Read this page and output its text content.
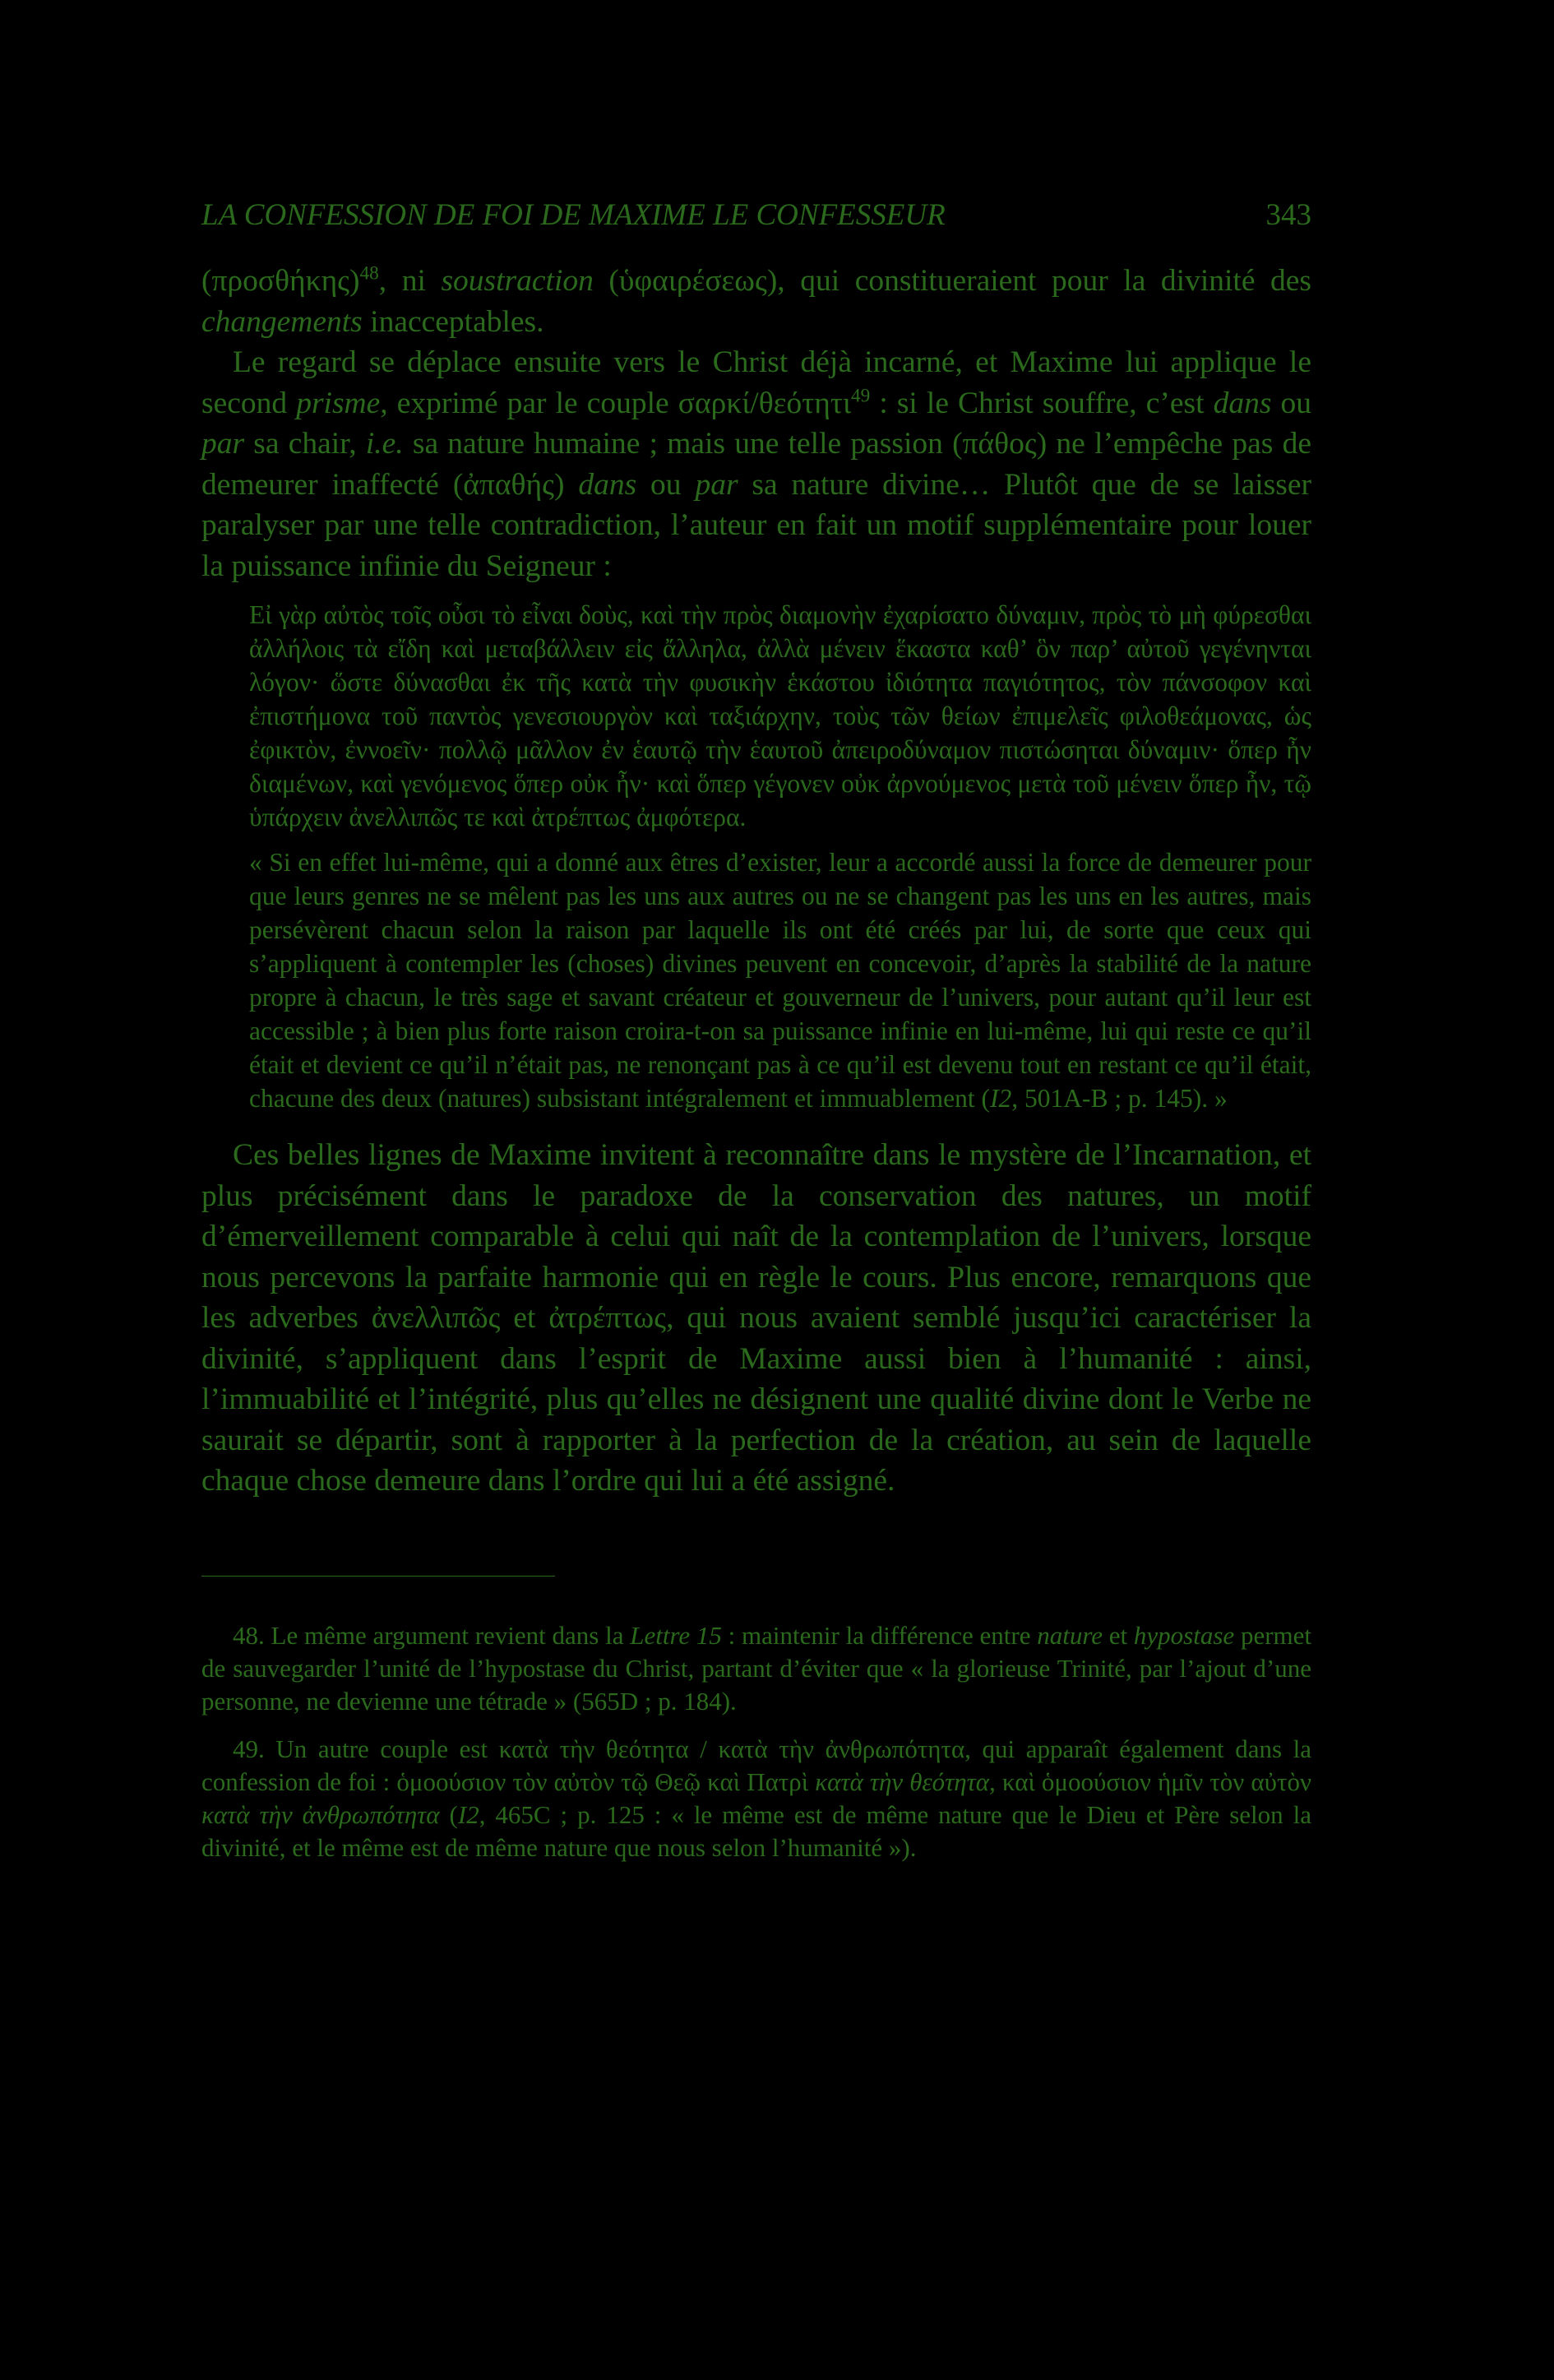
LA CONFESSION DE FOI DE MAXIME LE CONFESSEUR	343

$(\pi\rho o\sigma\theta ή\kappa\eta\varsigma)^{48}$, ni soustraction (ὑφαιρέσεως), qui constitueraient pour la divinité des changements inacceptables.

Le regard se déplace ensuite vers le Christ déjà incarné, et Maxime lui applique le second prisme, exprimé par le couple σαρκί/θεότητι$^{49}$ : si le Christ souffre, c’est dans ou par sa chair, i.e. sa nature humaine ; mais une telle passion (πάθος) ne l’empêche pas de demeurer inaffecté (ἀπαθής) dans ou par sa nature divine… Plutôt que de se laisser paralyser par une telle contradiction, l’auteur en fait un motif supplémentaire pour louer la puissance infinie du Seigneur :

Εἰ γὰρ αὐτὸς τοῖς οὖσι τὸ εἶναι δοὺς, καὶ τὴν πρὸς διαμονὴν ἐχαρίσατο δύναμιν, πρὸς τὸ μὴ φύρεσθαι ἀλλήλοις τὰ εἴδη καὶ μεταβάλλειν εἰς ἄλληλα, ἀλλὰ μένειν ἕκαστα καθ’ ὃν παρ’ αὐτοῦ γεγένηνται λόγον· ὥστε δύνασθαι ἐκ τῆς κατὰ τὴν φυσικὴν ἑκάστου ἰδιότητα παγιότητος, τὸν πάνσοφον καὶ ἐπιστήμονα τοῦ παντὸς γενεσιουργὸν καὶ ταξιάρχην, τοὺς τῶν θείων ἐπιμελεῖς φιλοθεάμονας, ὡς ἐφικτὸν, ἐννοεῖν· πολλῷ μᾶλλον ἐν ἑαυτῷ τὴν ἑαυτοῦ ἀπειροδύναμον πιστώσηται δύναμιν· ὅπερ ἦν διαμένων, καὶ γενόμενος ὅπερ οὐκ ἦν· καὶ ὅπερ γέγονεν οὐκ ἀρνούμενος μετὰ τοῦ μένειν ὅπερ ἦν, τῷ ὑπάρχειν ἀνελλιπῶς τε καὶ ἀτρέπτως ἀμφότερα.

« Si en effet lui-même, qui a donné aux êtres d’exister, leur a accordé aussi la force de demeurer pour que leurs genres ne se mêlent pas les uns aux autres ou ne se changent pas les uns en les autres, mais persévèrent chacun selon la raison par laquelle ils ont été créés par lui, de sorte que ceux qui s’appliquent à contempler les (choses) divines peuvent en concevoir, d’après la stabilité de la nature propre à chacun, le très sage et savant créateur et gouverneur de l’univers, pour autant qu’il leur est accessible ; à bien plus forte raison croira-t-on sa puissance infinie en lui-même, lui qui reste ce qu’il était et devient ce qu’il n’était pas, ne renonçant pas à ce qu’il est devenu tout en restant ce qu’il était, chacune des deux (natures) subsistant intégralement et immuablement (I2, 501A-B ; p. 145). »

Ces belles lignes de Maxime invitent à reconnaître dans le mystère de l’Incarnation, et plus précisément dans le paradoxe de la conservation des natures, un motif d’émerveillement comparable à celui qui naît de la contemplation de l’univers, lorsque nous percevons la parfaite harmonie qui en règle le cours. Plus encore, remarquons que les adverbes ἀνελλιπῶς et ἀτρέπτως, qui nous avaient semblé jusqu’ici caractériser la divinité, s’appliquent dans l’esprit de Maxime aussi bien à l’humanité : ainsi, l’immuabilité et l’intégrité, plus qu’elles ne désignent une qualité divine dont le Verbe ne saurait se départir, sont à rapporter à la perfection de la création, au sein de laquelle chaque chose demeure dans l’ordre qui lui a été assigné.

48. Le même argument revient dans la Lettre 15 : maintenir la différence entre nature et hypostase permet de sauvegarder l’unité de l’hypostase du Christ, partant d’éviter que « la glorieuse Trinité, par l’ajout d’une personne, ne devienne une tétrade » (565D ; p. 184).

49. Un autre couple est κατὰ τὴν θεότητα / κατὰ τὴν ἀνθρωπότητα, qui apparaît également dans la confession de foi : ὁμοούσιον τὸν αὐτὸν τῷ Θεῷ καὶ Πατρὶ κατὰ τὴν θεότητα, καὶ ὁμοούσιον ἡμῖν τὸν αὐτὸν κατὰ τὴν ἀνθρωπότητα (I2, 465C ; p. 125 : « le même est de même nature que le Dieu et Père selon la divinité, et le même est de même nature que nous selon l’humanité »).
